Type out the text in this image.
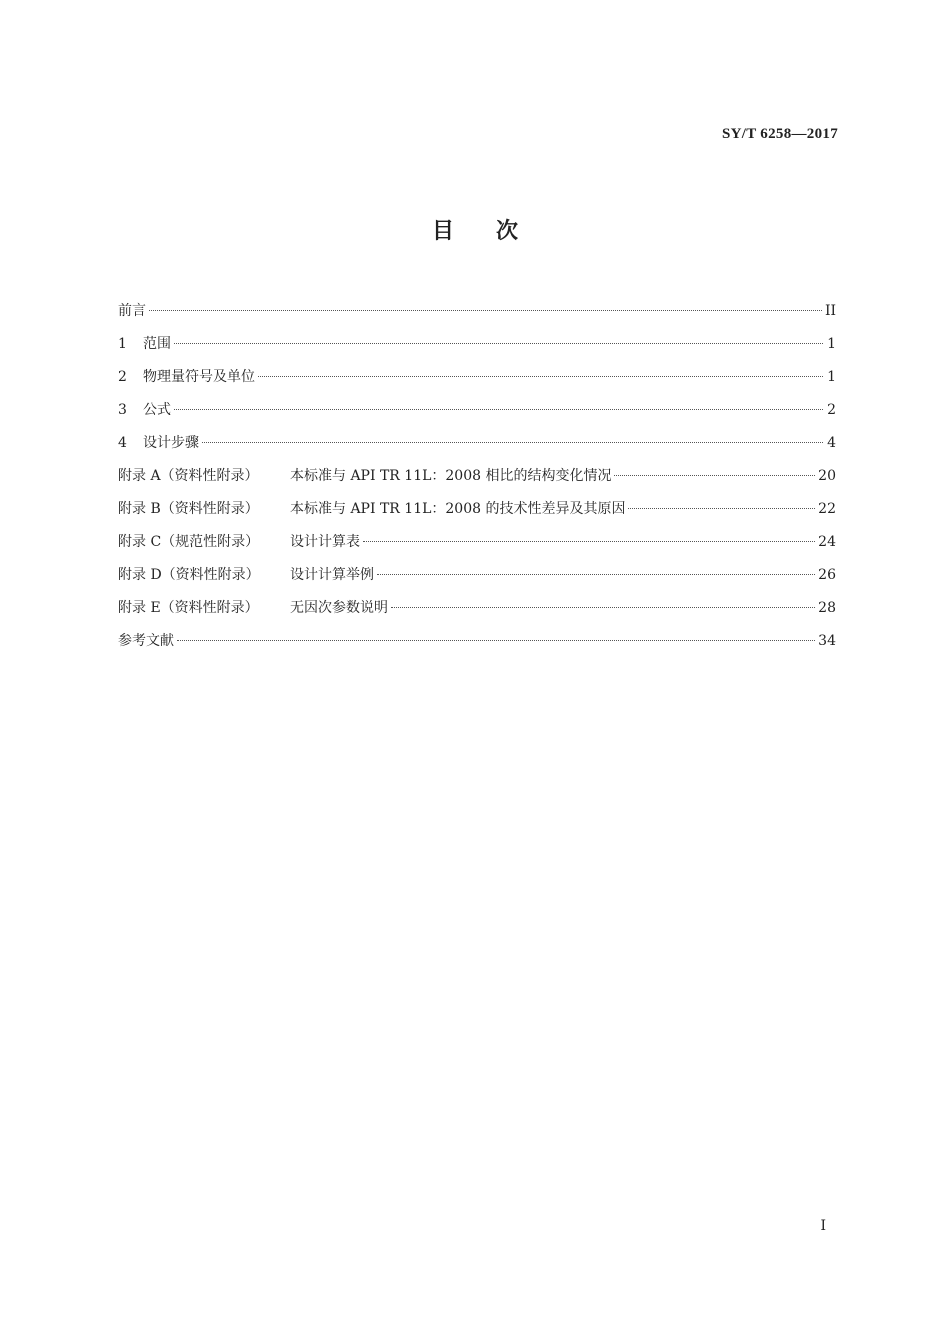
SY/T 6258—2017
目次
前言	II
1	范围	1
2	物理量符号及单位	1
3	公式	2
4	设计步骤	4
附录 A（资料性附录）	本标准与 API TR 11L：2008 相比的结构变化情况	20
附录 B（资料性附录）	本标准与 API TR 11L：2008 的技术性差异及其原因	22
附录 C（规范性附录）	设计计算表	24
附录 D（资料性附录）	设计计算举例	26
附录 E（资料性附录）	无因次参数说明	28
参考文献	34
I
